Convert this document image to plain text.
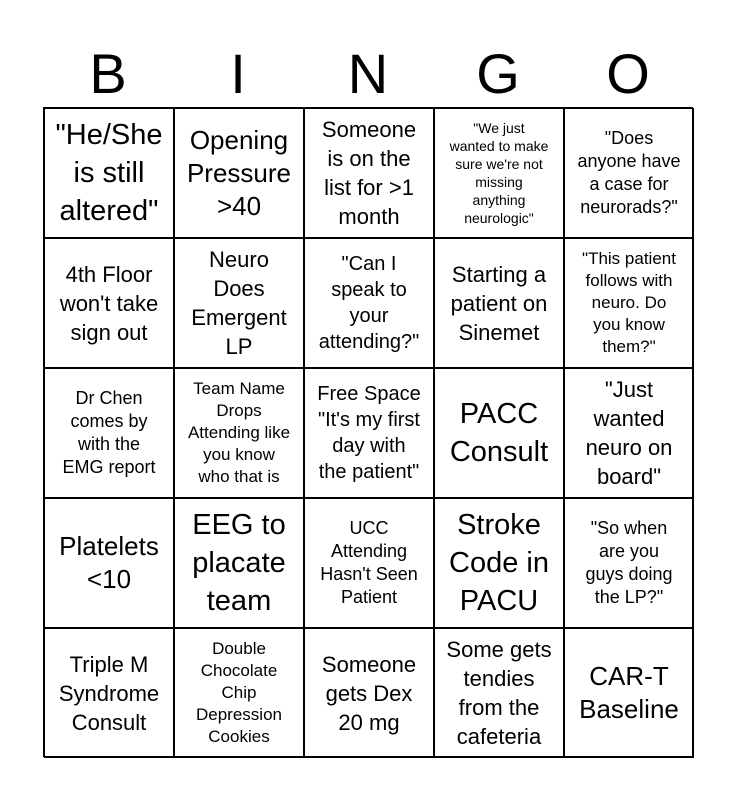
B	I	N	G	O
"He/She
is still
altered"
Opening
Pressure
>40
Someone
is on the
list for >1
month
"We just
wanted to make
sure we're not
missing
anything
neurologic"
"Does
anyone have
a case for
neurorads?"
4th Floor
won't take
sign out
Neuro
Does
Emergent
LP
"Can I
speak to
your
attending?"
Starting a
patient on
Sinemet
"This patient
follows with
neuro. Do
you know
them?"
Dr Chen
comes by
with the
EMG report
Team Name
Drops
Attending like
you know
who that is
Free Space
"It's my first
day with
the patient"
PACC
Consult
"Just
wanted
neuro on
board"
Platelets
<10
EEG to
placate
team
UCC
Attending
Hasn't Seen
Patient
Stroke
Code in
PACU
"So when
are you
guys doing
the LP?"
Triple M
Syndrome
Consult
Double
Chocolate
Chip
Depression
Cookies
Someone
gets Dex
20 mg
Some gets
tendies
from the
cafeteria
CAR-T
Baseline
